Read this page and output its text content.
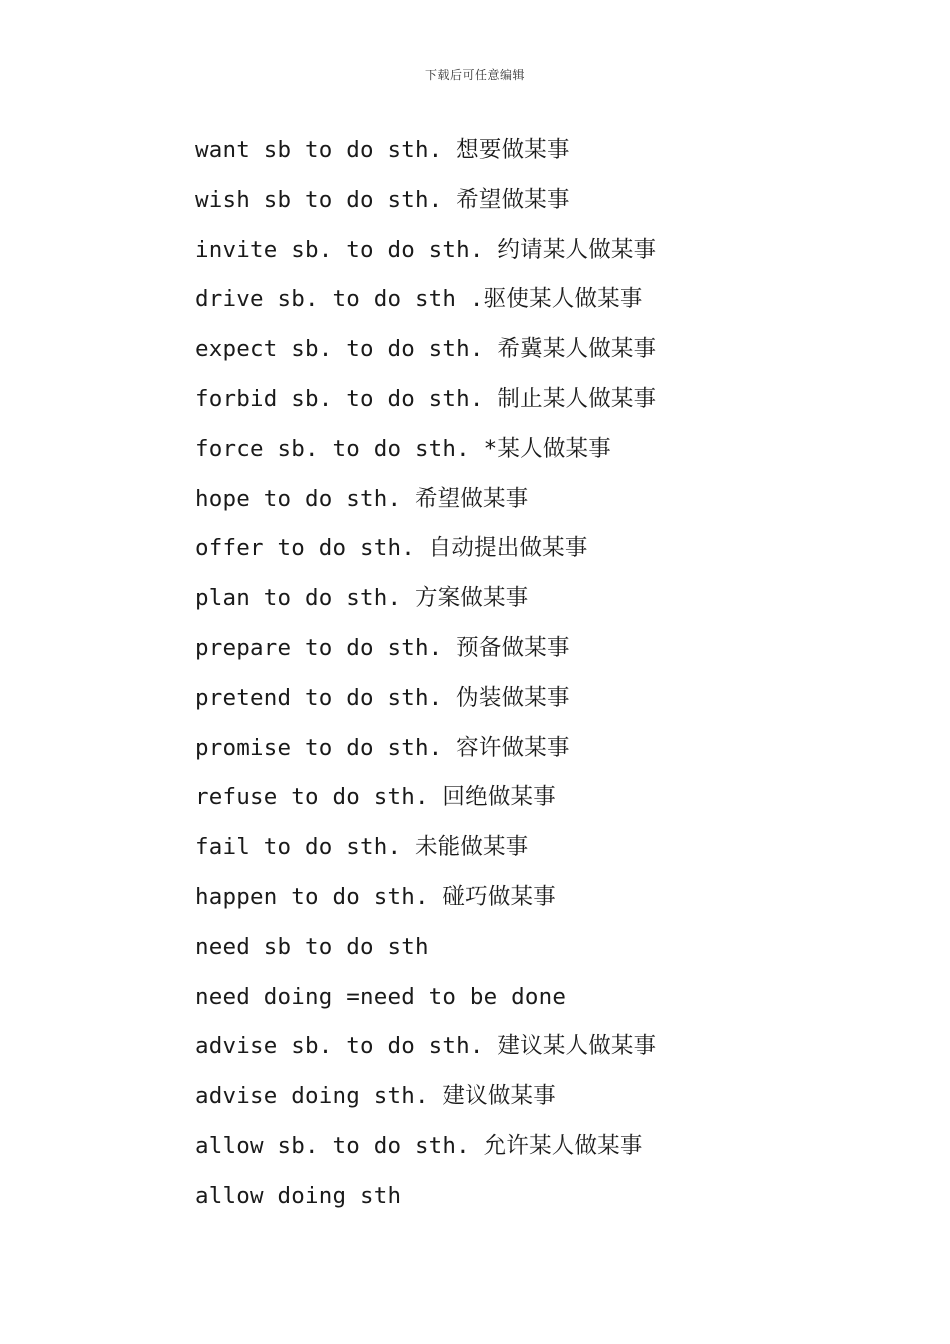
下载后可任意编辑
want sb to do sth. 想要做某事
wish sb to do sth. 希望做某事
invite sb. to do sth. 约请某人做某事
drive sb. to do sth .驱使某人做某事
expect sb. to do sth. 希冀某人做某事
forbid sb. to do sth. 制止某人做某事
force sb. to do sth. *某人做某事
hope to do sth. 希望做某事
offer to do sth. 自动提出做某事
plan to do sth. 方案做某事
prepare to do sth. 预备做某事
pretend to do sth. 伪装做某事
promise to do sth. 容许做某事
refuse to do sth. 回绝做某事
fail to do sth. 未能做某事
happen to do sth. 碰巧做某事
need sb to do sth
need doing =need to be done
advise sb. to do sth. 建议某人做某事
advise doing sth. 建议做某事
allow sb. to do sth. 允许某人做某事
allow doing sth
